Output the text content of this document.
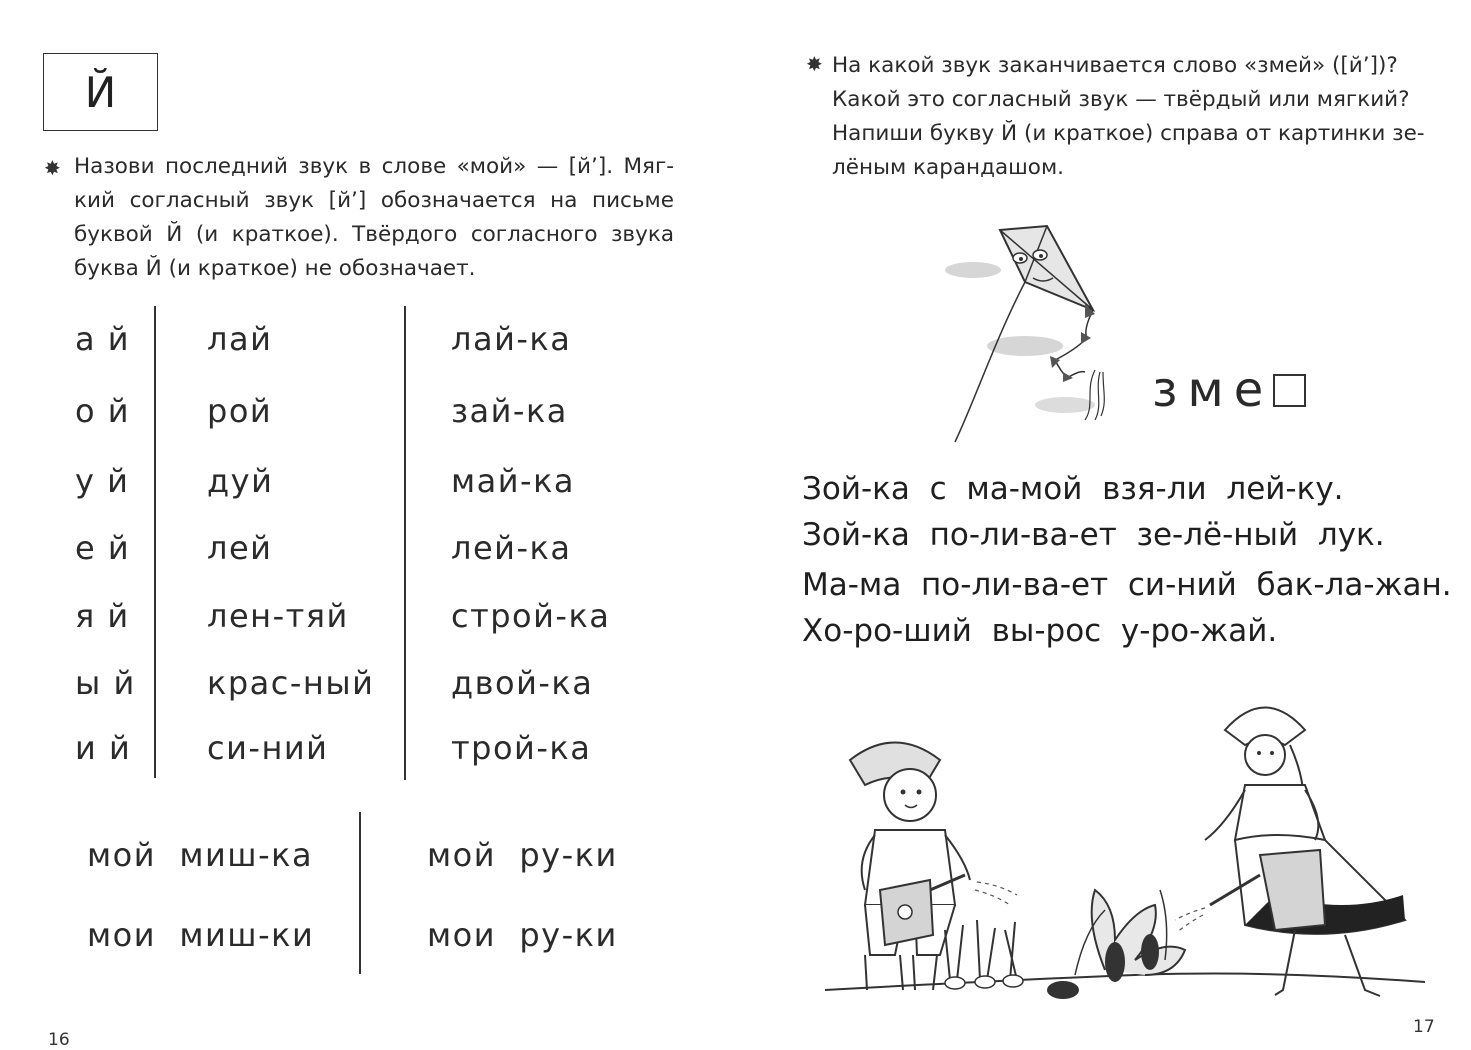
Й
✸ Назови последний звук в слове «мой» — [й’]. Мяг-
кий согласный звук [й’] обозначается на письме
буквой Й (и краткое). Твёрдого согласного звука
буква Й (и краткое) не обозначает.
а й
о й
у й
е й
я й
ы й
и й
лай
рой
дуй
лей
лен-тяй
крас-ный
си-ний
лай-ка
зай-ка
май-ка
лей-ка
строй-ка
двой-ка
трой-ка
мой  миш-ка
мои  миш-ки
мой  ру-ки
мои  ру-ки
16
✸ На какой звук заканчивается слово «змей» ([й’])?
Какой это согласный звук — твёрдый или мягкий?
Напиши букву Й (и краткое) справа от картинки зе-
лёным карандашом.
зме
Зой-ка  с  ма-мой  взя-ли  лей-ку.
Зой-ка  по-ли-ва-ет  зе-лё-ный  лук.
Ма-ма  по-ли-ва-ет  си-ний  бак-ла-жан.
Хо-ро-ший  вы-рос  у-ро-жай.
17
